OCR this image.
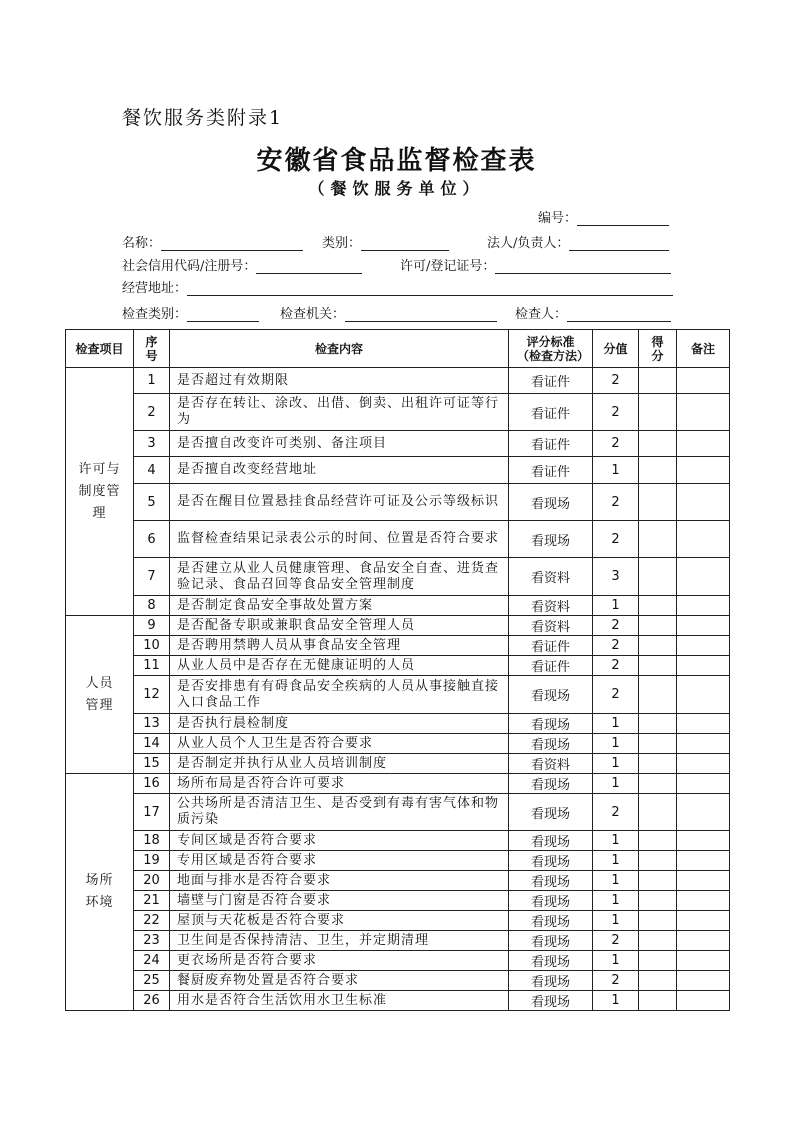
餐饮服务类附录1
安徽省食品监督检查表
（餐饮服务单位）
编号：
名称：	类别：	法人/负责人：
社会信用代码/注册号：	许可/登记证号：
经营地址：
检查类别：	检查机关：	检查人：
检查项目	序号	检查内容	评分标准（检查方法）	分值	得分	备注

许可与制度管理	1	是否超过有效期限	看证件	2		
	2	是否存在转让、涂改、出借、倒卖、出租许可证等行为	看证件	2		
	3	是否擅自改变许可类别、备注项目	看证件	2		
	4	是否擅自改变经营地址	看证件	1		
	5	是否在醒目位置悬挂食品经营许可证及公示等级标识	看现场	2		
	6	监督检查结果记录表公示的时间、位置是否符合要求	看现场	2		
	7	是否建立从业人员健康管理、食品安全自查、进货查验记录、食品召回等食品安全管理制度	看资料	3		
	8	是否制定食品安全事故处置方案	看资料	1		

人员管理	9	是否配备专职或兼职食品安全管理人员	看资料	2		
	10	是否聘用禁聘人员从事食品安全管理	看证件	2		
	11	从业人员中是否存在无健康证明的人员	看证件	2		
	12	是否安排患有有碍食品安全疾病的人员从事接触直接入口食品工作	看现场	2		
	13	是否执行晨检制度	看现场	1		
	14	从业人员个人卫生是否符合要求	看现场	1		
	15	是否制定并执行从业人员培训制度	看资料	1		

场所环境	16	场所布局是否符合许可要求	看现场	1		
	17	公共场所是否清洁卫生、是否受到有毒有害气体和物质污染	看现场	2		
	18	专间区域是否符合要求	看现场	1		
	19	专用区域是否符合要求	看现场	1		
	20	地面与排水是否符合要求	看现场	1		
	21	墙壁与门窗是否符合要求	看现场	1		
	22	屋顶与天花板是否符合要求	看现场	1		
	23	卫生间是否保持清洁、卫生，并定期清理	看现场	2		
	24	更衣场所是否符合要求	看现场	1		
	25	餐厨废弃物处置是否符合要求	看现场	2		
	26	用水是否符合生活饮用水卫生标准	看现场	1		
